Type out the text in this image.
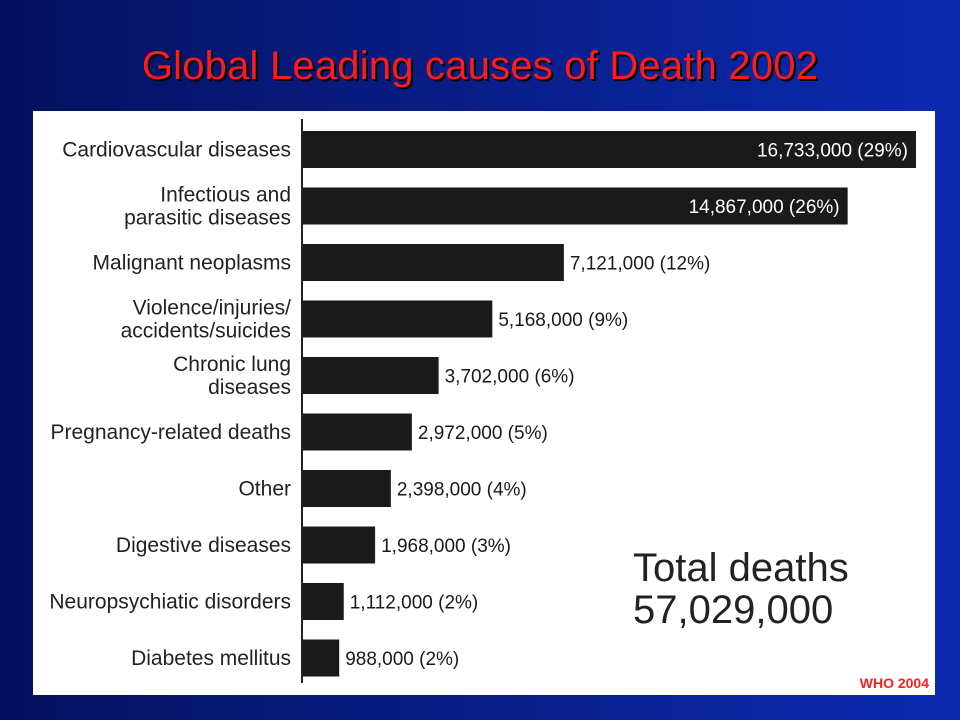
Global Leading causes of Death 2002
Cardiovascular diseases	16,733,000 (29%)
Infectious and parasitic diseases	14,867,000 (26%)
Malignant neoplasms	7,121,000 (12%)
Violence/injuries/ accidents/suicides	5,168,000 (9%)
Chronic lung diseases	3,702,000 (6%)
Pregnancy-related deaths	2,972,000 (5%)
Other	2,398,000 (4%)
Digestive diseases	1,968,000 (3%)
Neuropsychiatic disorders	1,112,000 (2%)
Diabetes mellitus	988,000 (2%)
Total deaths
57,029,000
WHO 2004
